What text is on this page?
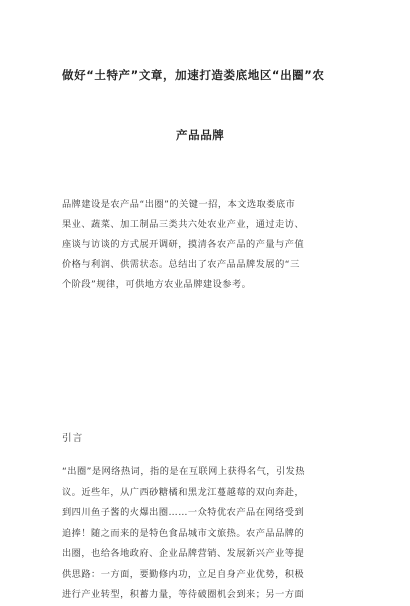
做好“土特产”文章，加速打造娄底地区“出圈”农
产品品牌
品牌建设是农产品“出圈”的关键一招，本文选取娄底市
果业、蔬菜、加工制品三类共六处农业产业，通过走访、
座谈与访谈的方式展开调研，摸清各农产品的产量与产值
价格与利润、供需状态。总结出了农产品品牌发展的“三
个阶段”规律，可供地方农业品牌建设参考。
引言
“出圈”是网络热词，指的是在互联网上获得名气，引发热
议。近些年，从广西砂糖橘和黑龙江蔓越莓的双向奔赴，
到四川鱼子酱的火爆出圈……一众特优农产品在网络受到
追捧！随之而来的是特色食品城市文旅热。农产品品牌的
出圈，也给各地政府、企业品牌营销、发展新兴产业等提
供思路：一方面，要勤修内功，立足自身产业优势，积极
进行产业转型，积蓄力量，等待破圈机会到来；另一方面
